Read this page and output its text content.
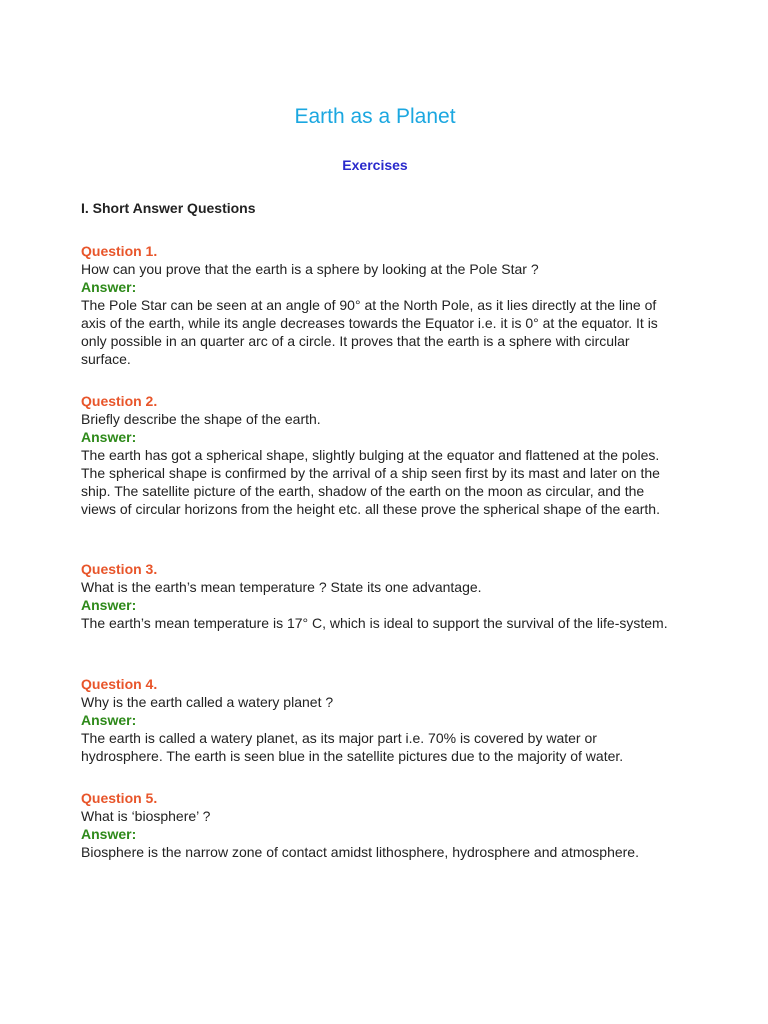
Earth as a Planet
Exercises
I. Short Answer Questions
Question 1.
How can you prove that the earth is a sphere by looking at the Pole Star ?
Answer:
The Pole Star can be seen at an angle of 90° at the North Pole, as it lies directly at the line of axis of the earth, while its angle decreases towards the Equator i.e. it is 0° at the equator. It is only possible in an quarter arc of a circle. It proves that the earth is a sphere with circular surface.
Question 2.
Briefly describe the shape of the earth.
Answer:
The earth has got a spherical shape, slightly bulging at the equator and flattened at the poles. The spherical shape is confirmed by the arrival of a ship seen first by its mast and later on the ship. The satellite picture of the earth, shadow of the earth on the moon as circular, and the views of circular horizons from the height etc. all these prove the spherical shape of the earth.
Question 3.
What is the earth’s mean temperature ? State its one advantage.
Answer:
The earth’s mean temperature is 17° C, which is ideal to support the survival of the life-system.
Question 4.
Why is the earth called a watery planet ?
Answer:
The earth is called a watery planet, as its major part i.e. 70% is covered by water or hydrosphere. The earth is seen blue in the satellite pictures due to the majority of water.
Question 5.
What is ‘biosphere’ ?
Answer:
Biosphere is the narrow zone of contact amidst lithosphere, hydrosphere and atmosphere.
